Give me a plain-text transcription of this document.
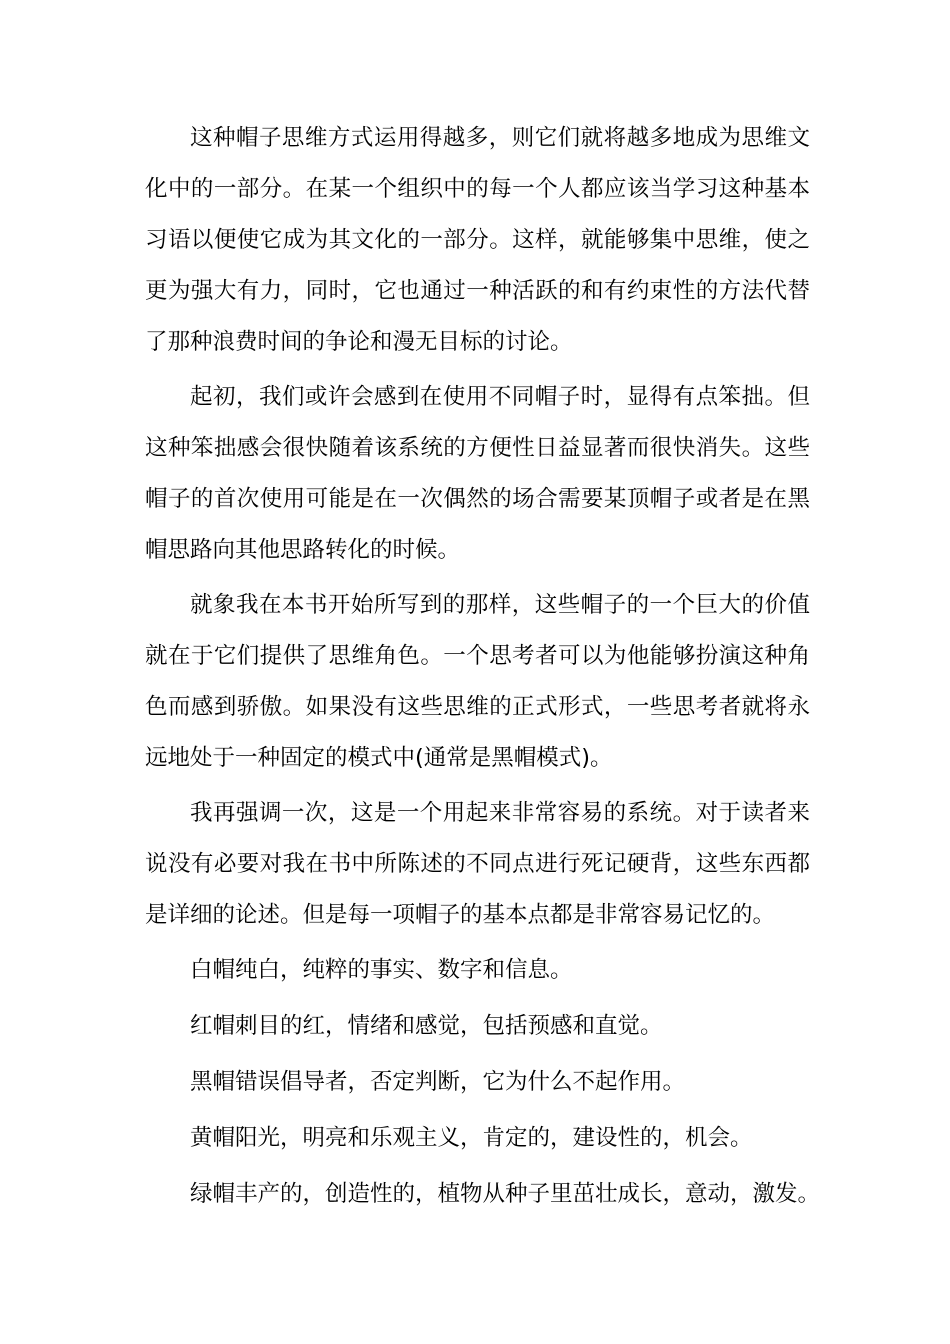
这种帽子思维方式运用得越多，则它们就将越多地成为思维文化中的一部分。在某一个组织中的每一个人都应该当学习这种基本习语以便使它成为其文化的一部分。这样，就能够集中思维，使之更为强大有力，同时，它也通过一种活跃的和有约束性的方法代替了那种浪费时间的争论和漫无目标的讨论。

起初，我们或许会感到在使用不同帽子时，显得有点笨拙。但这种笨拙感会很快随着该系统的方便性日益显著而很快消失。这些帽子的首次使用可能是在一次偶然的场合需要某顶帽子或者是在黑帽思路向其他思路转化的时候。

就象我在本书开始所写到的那样，这些帽子的一个巨大的价值就在于它们提供了思维角色。一个思考者可以为他能够扮演这种角色而感到骄傲。如果没有这些思维的正式形式，一些思考者就将永远地处于一种固定的模式中(通常是黑帽模式)。

我再强调一次，这是一个用起来非常容易的系统。对于读者来说没有必要对我在书中所陈述的不同点进行死记硬背，这些东西都是详细的论述。但是每一项帽子的基本点都是非常容易记忆的。

白帽纯白，纯粹的事实、数字和信息。

红帽刺目的红，情绪和感觉，包括预感和直觉。

黑帽错误倡导者，否定判断，它为什么不起作用。

黄帽阳光，明亮和乐观主义，肯定的，建设性的，机会。

绿帽丰产的，创造性的，植物从种子里茁壮成长，意动，激发。
